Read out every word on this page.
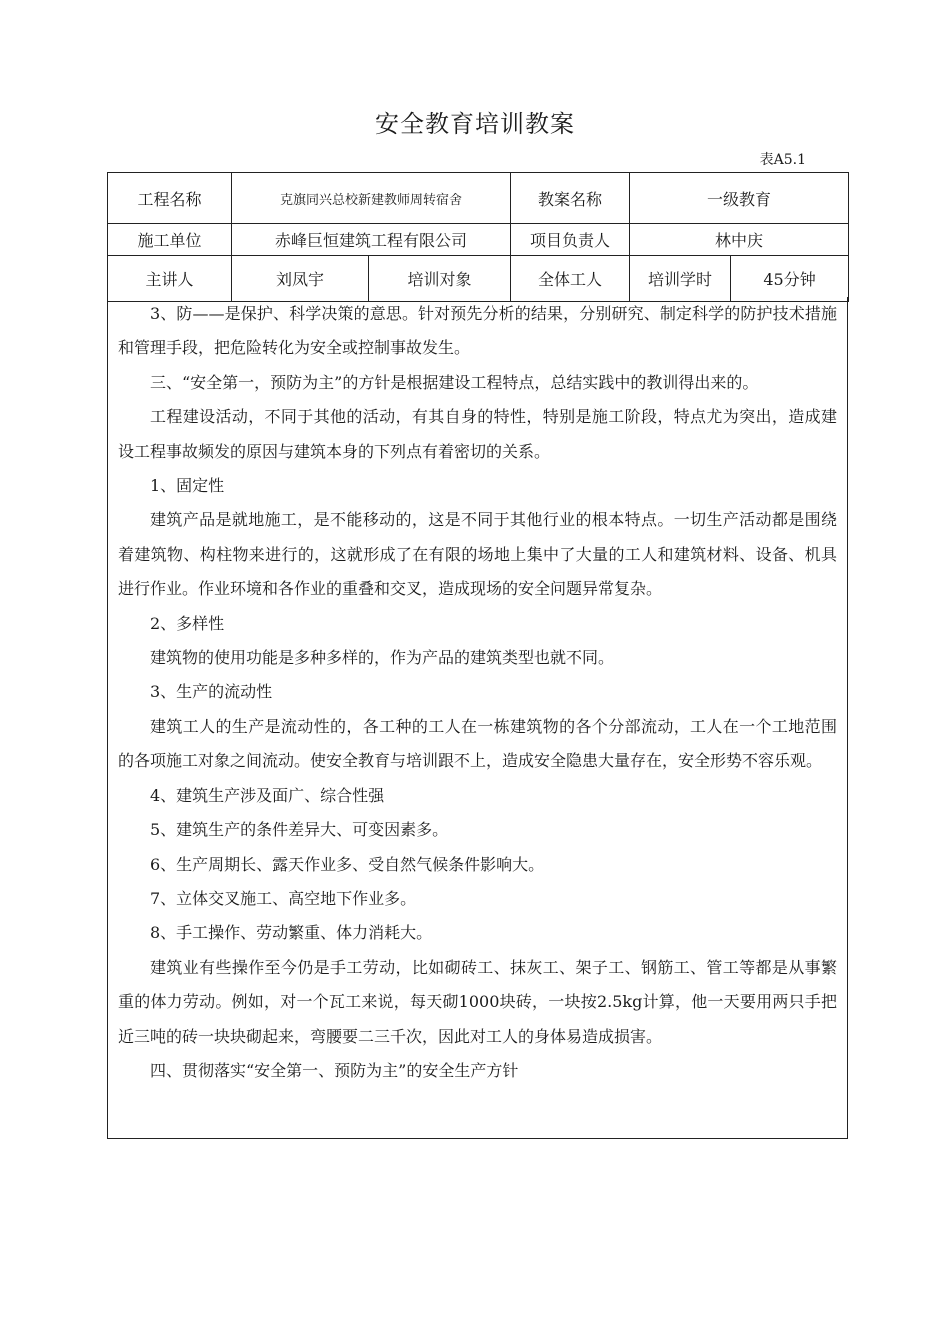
安全教育培训教案
表A5.1
工程名称	克旗同兴总校新建教师周转宿舍		教案名称	一级教育	
施工单位	赤峰巨恒建筑工程有限公司		项目负责人	林中庆	
主讲人	刘凤宇	培训对象	全体工人	培训学时	45分钟

3、防——是保护、科学决策的意思。针对预先分析的结果，分别研究、制定科学的防护技术措施和管理手段，把危险转化为安全或控制事故发生。

三、“安全第一，预防为主”的方针是根据建设工程特点，总结实践中的教训得出来的。

工程建设活动，不同于其他的活动，有其自身的特性，特别是施工阶段，特点尤为突出，造成建设工程事故频发的原因与建筑本身的下列点有着密切的关系。

1、固定性

建筑产品是就地施工，是不能移动的，这是不同于其他行业的根本特点。一切生产活动都是围绕着建筑物、构柱物来进行的，这就形成了在有限的场地上集中了大量的工人和建筑材料、设备、机具进行作业。作业环境和各作业的重叠和交叉，造成现场的安全问题异常复杂。

2、多样性

建筑物的使用功能是多种多样的，作为产品的建筑类型也就不同。

3、生产的流动性

建筑工人的生产是流动性的，各工种的工人在一栋建筑物的各个分部流动，工人在一个工地范围的各项施工对象之间流动。使安全教育与培训跟不上，造成安全隐患大量存在，安全形势不容乐观。

4、建筑生产涉及面广、综合性强

5、建筑生产的条件差异大、可变因素多。

6、生产周期长、露天作业多、受自然气候条件影响大。

7、立体交叉施工、高空地下作业多。

8、手工操作、劳动繁重、体力消耗大。

建筑业有些操作至今仍是手工劳动，比如砌砖工、抹灰工、架子工、钢筋工、管工等都是从事繁重的体力劳动。例如，对一个瓦工来说，每天砌1000块砖，一块按2.5kg计算，他一天要用两只手把近三吨的砖一块块砌起来，弯腰要二三千次，因此对工人的身体易造成损害。

四、贯彻落实“安全第一、预防为主”的安全生产方针
